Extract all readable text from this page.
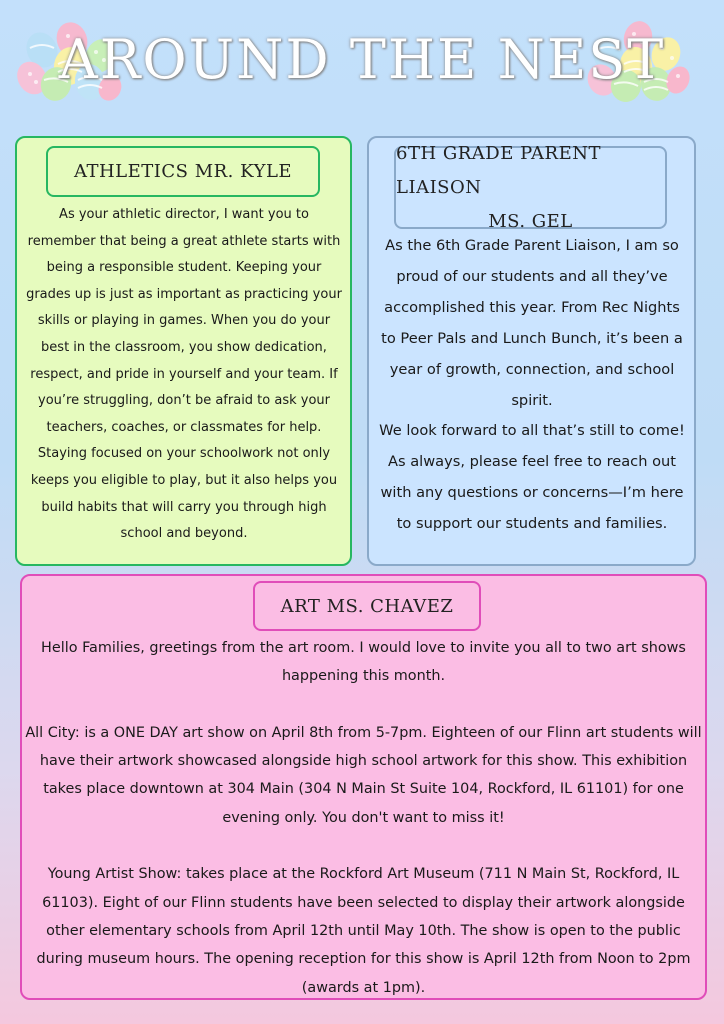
AROUND THE NEST
ATHLETICS MR. KYLE

As your athletic director, I want you to remember that being a great athlete starts with being a responsible student. Keeping your grades up is just as important as practicing your skills or playing in games. When you do your best in the classroom, you show dedication, respect, and pride in yourself and your team. If you’re struggling, don’t be afraid to ask your teachers, coaches, or classmates for help. Staying focused on your schoolwork not only keeps you eligible to play, but it also helps you build habits that will carry you through high school and beyond.

6TH GRADE PARENT LIAISON
MS. GEL

As the 6th Grade Parent Liaison, I am so proud of our students and all they’ve accomplished this year. From Rec Nights to Peer Pals and Lunch Bunch, it’s been a year of growth, connection, and school spirit.

We look forward to all that’s still to come! As always, please feel free to reach out with any questions or concerns—I’m here to support our students and families.

ART MS. CHAVEZ

Hello Families, greetings from the art room. I would love to invite you all to two art shows happening this month.

All City: is a ONE DAY art show on April 8th from 5-7pm. Eighteen of our Flinn art students will have their artwork showcased alongside high school artwork for this show. This exhibition takes place downtown at 304 Main (304 N Main St Suite 104, Rockford, IL 61101) for one evening only. You don't want to miss it!

Young Artist Show: takes place at the Rockford Art Museum (711 N Main St, Rockford, IL 61103). Eight of our Flinn students have been selected to display their artwork alongside other elementary schools from April 12th until May 10th. The show is open to the public during museum hours. The opening reception for this show is April 12th from Noon to 2pm (awards at 1pm).
